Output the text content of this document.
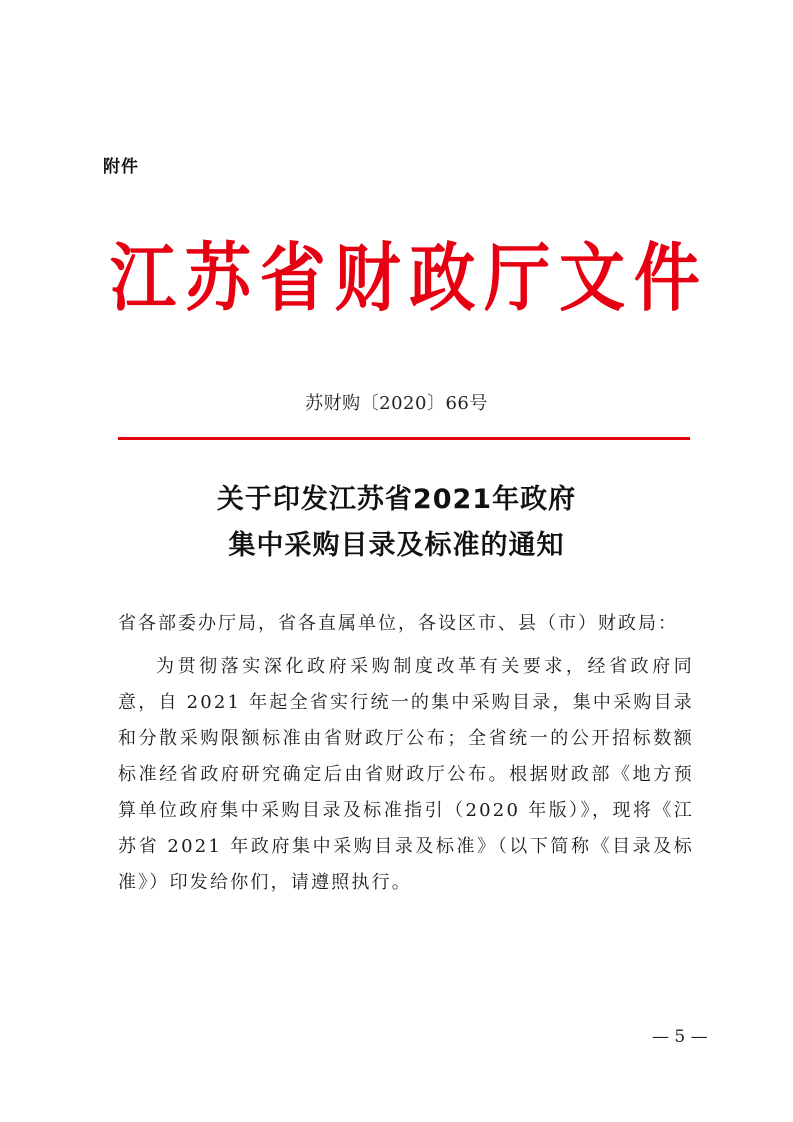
附件
江 苏 省 财 政 厅 文 件
苏财购〔2020〕66号
关于印发江苏省2021年政府
集中采购目录及标准的通知
省各部委办厅局，省各直属单位，各设区市、县（市）财政局：
为贯彻落实深化政府采购制度改革有关要求，经省政府同意，自 2021 年起全省实行统一的集中采购目录，集中采购目录和分散采购限额标准由省财政厅公布；全省统一的公开招标数额标准经省政府研究确定后由省财政厅公布。根据财政部《地方预算单位政府集中采购目录及标准指引（2020 年版）》，现将《江苏省 2021 年政府集中采购目录及标准》（以下简称《目录及标准》）印发给你们，请遵照执行。
— 5 —
